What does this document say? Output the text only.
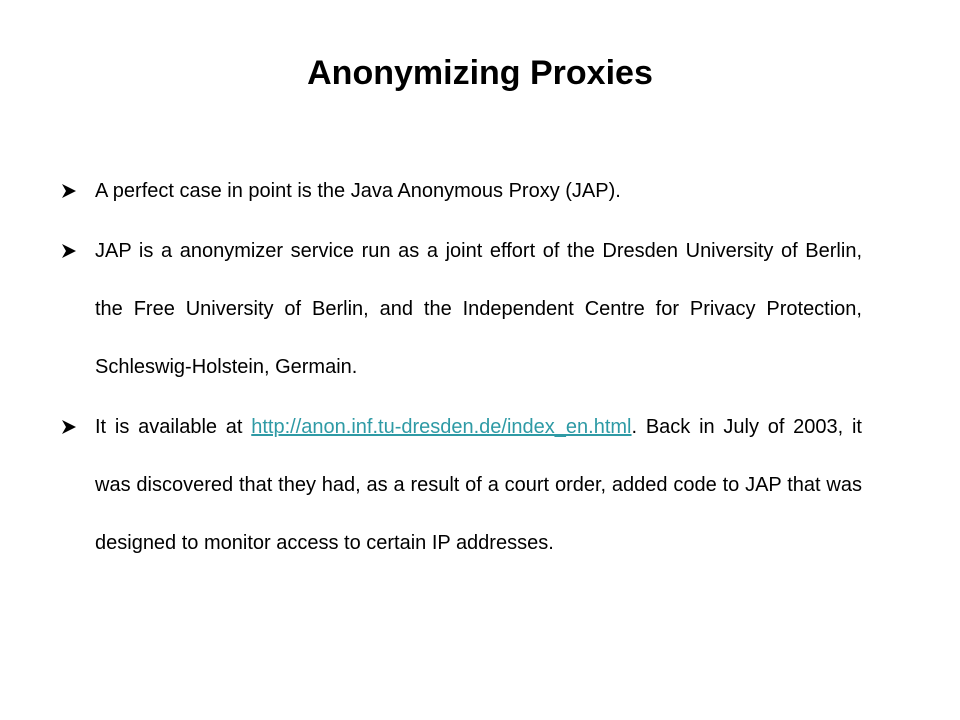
Anonymizing Proxies
A perfect case in point is the Java Anonymous Proxy (JAP).
JAP is a anonymizer service run as a joint effort of the Dresden University of Berlin, the Free University of Berlin, and the Independent Centre for Privacy Protection, Schleswig-Holstein, Germain.
It is available at http://anon.inf.tu-dresden.de/index_en.html. Back in July of 2003, it was discovered that they had, as a result of a court order, added code to JAP that was designed to monitor access to certain IP addresses.
